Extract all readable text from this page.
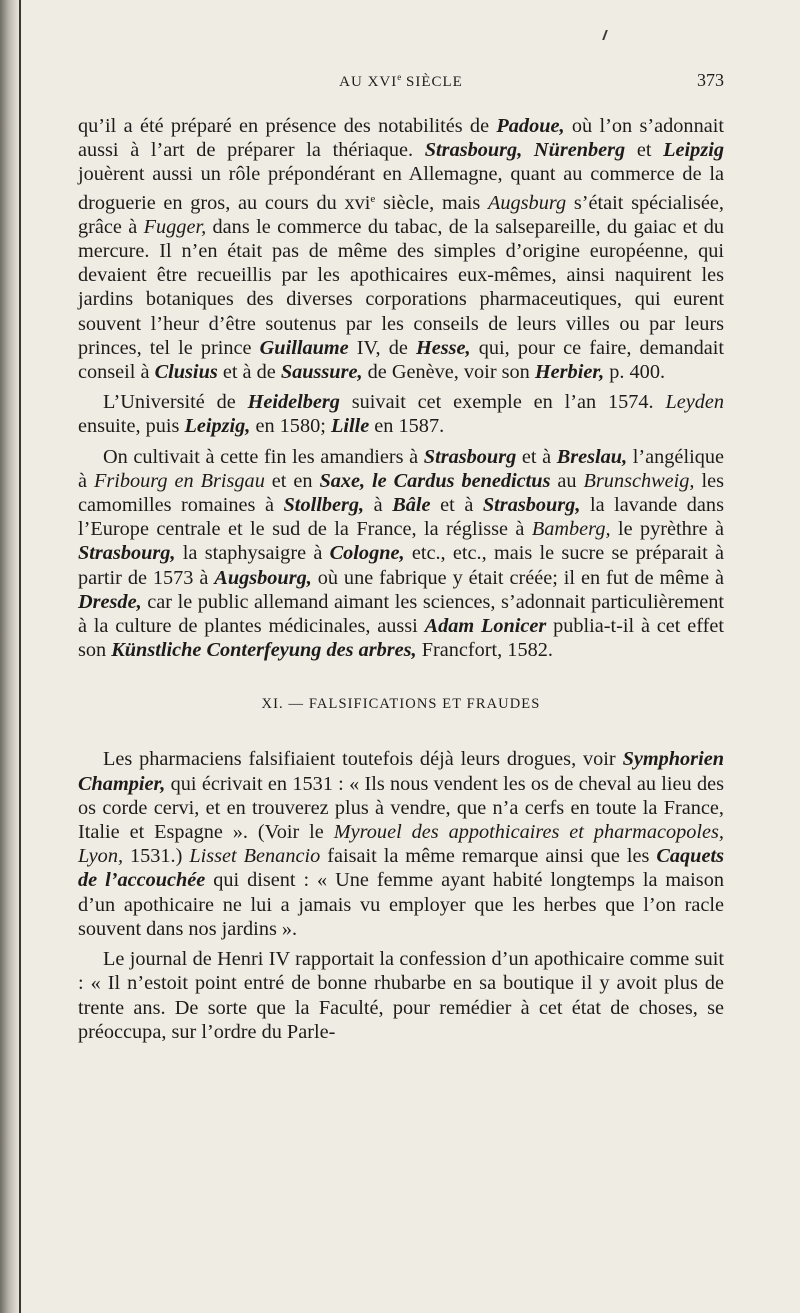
AU XVIe SIÈCLE	373

qu’il a été préparé en présence des notabilités de Padoue, où l’on s’adonnait aussi à l’art de préparer la thériaque. Strasbourg, Nürenberg et Leipzig jouèrent aussi un rôle prépondérant en Allemagne, quant au commerce de la droguerie en gros, au cours du xvi$^e$ siècle, mais Augsburg s’était spécialisée, grâce à Fugger, dans le commerce du tabac, de la salsepareille, du gaiac et du mercure. Il n’en était pas de même des simples d’origine européenne, qui devaient être recueillis par les apothicaires eux-mêmes, ainsi naquirent les jardins botaniques des diverses corporations pharmaceutiques, qui eurent souvent l’heur d’être soutenus par les conseils de leurs villes ou par leurs princes, tel le prince Guillaume IV, de Hesse, qui, pour ce faire, demandait conseil à Clusius et à de Saussure, de Genève, voir son Herbier, p. 400.

L’Université de Heidelberg suivait cet exemple en l’an 1574. Leyden ensuite, puis Leipzig, en 1580; Lille en 1587.

On cultivait à cette fin les amandiers à Strasbourg et à Breslau, l’angélique à Fribourg en Brisgau et en Saxe, le Cardus benedictus au Brunschweig, les camomilles romaines à Stollberg, à Bâle et à Strasbourg, la lavande dans l’Europe centrale et le sud de la France, la réglisse à Bamberg, le pyrèthre à Strasbourg, la staphysaigre à Cologne, etc., etc., mais le sucre se préparait à partir de 1573 à Augsbourg, où une fabrique y était créée; il en fut de même à Dresde, car le public allemand aimant les sciences, s’adonnait particulièrement à la culture de plantes médicinales, aussi Adam Lonicer publia-t-il à cet effet son Künstliche Conterfeyung des arbres, Francfort, 1582.

XI. — FALSIFICATIONS ET FRAUDES

Les pharmaciens falsifiaient toutefois déjà leurs drogues, voir Symphorien Champier, qui écrivait en 1531 : « Ils nous vendent les os de cheval au lieu des os corde cervi, et en trouverez plus à vendre, que n’a cerfs en toute la France, Italie et Espagne ». (Voir le Myrouel des appothicaires et pharmacopoles, Lyon, 1531.) Lisset Benancio faisait la même remarque ainsi que les Caquets de l’accouchée qui disent : « Une femme ayant habité longtemps la maison d’un apothicaire ne lui a jamais vu employer que les herbes que l’on racle souvent dans nos jardins ».

Le journal de Henri IV rapportait la confession d’un apothicaire comme suit : « Il n’estoit point entré de bonne rhubarbe en sa boutique il y avoit plus de trente ans. De sorte que la Faculté, pour remédier à cet état de choses, se préoccupa, sur l’ordre du Parle-
